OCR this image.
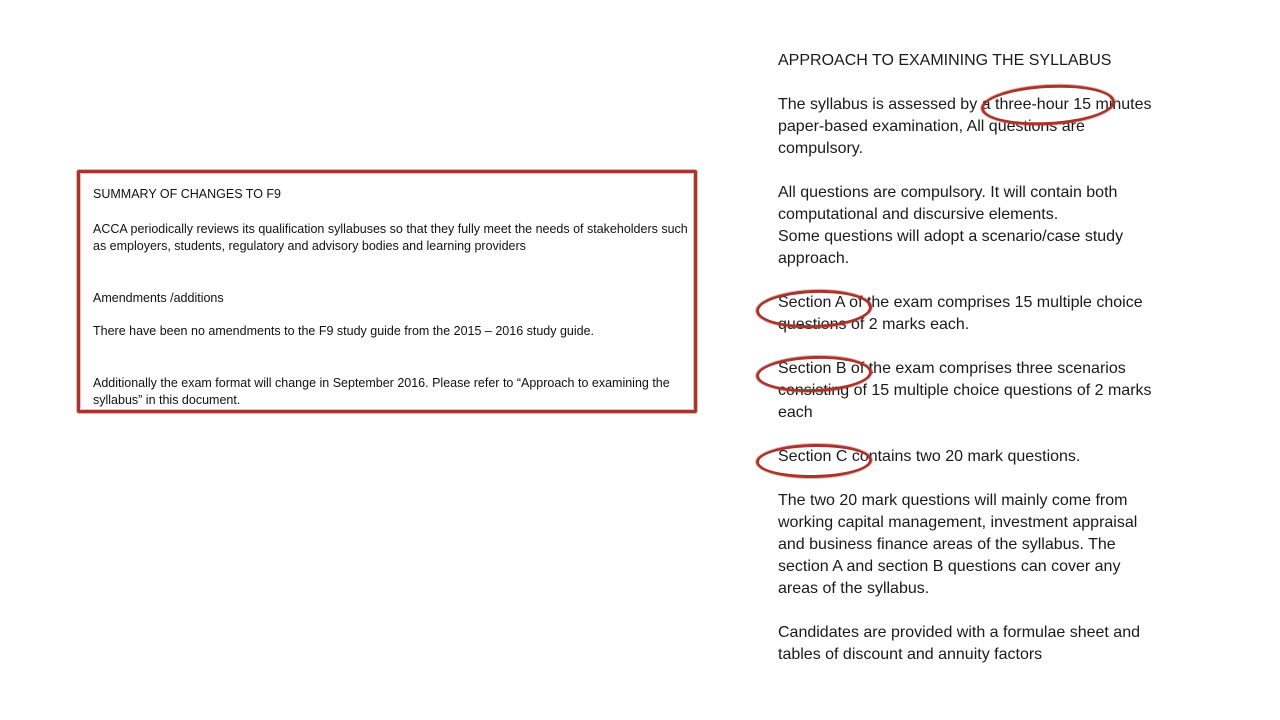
SUMMARY OF CHANGES TO F9

ACCA periodically reviews its qualification syllabuses so that they fully meet the needs of stakeholders such as employers, students, regulatory and advisory bodies and learning providers

Amendments /additions

There have been no amendments to the F9 study guide from the 2015 – 2016 study guide.

Additionally the exam format will change in September 2016. Please refer to “Approach to examining the syllabus” in this document.

APPROACH TO EXAMINING THE SYLLABUS

The syllabus is assessed by a three-hour 15 minutes paper-based examination, All questions are compulsory.

All questions are compulsory. It will contain both computational and discursive elements.

Some questions will adopt a scenario/case study approach.

Section A of the exam comprises 15 multiple choice questions of 2 marks each.

Section B of the exam comprises three scenarios consisting of 15 multiple choice questions of 2 marks each

Section C contains two 20 mark questions.

The two 20 mark questions will mainly come from working capital management, investment appraisal and business finance areas of the syllabus. The section A and section B questions can cover any areas of the syllabus.

Candidates are provided with a formulae sheet and tables of discount and annuity factors
